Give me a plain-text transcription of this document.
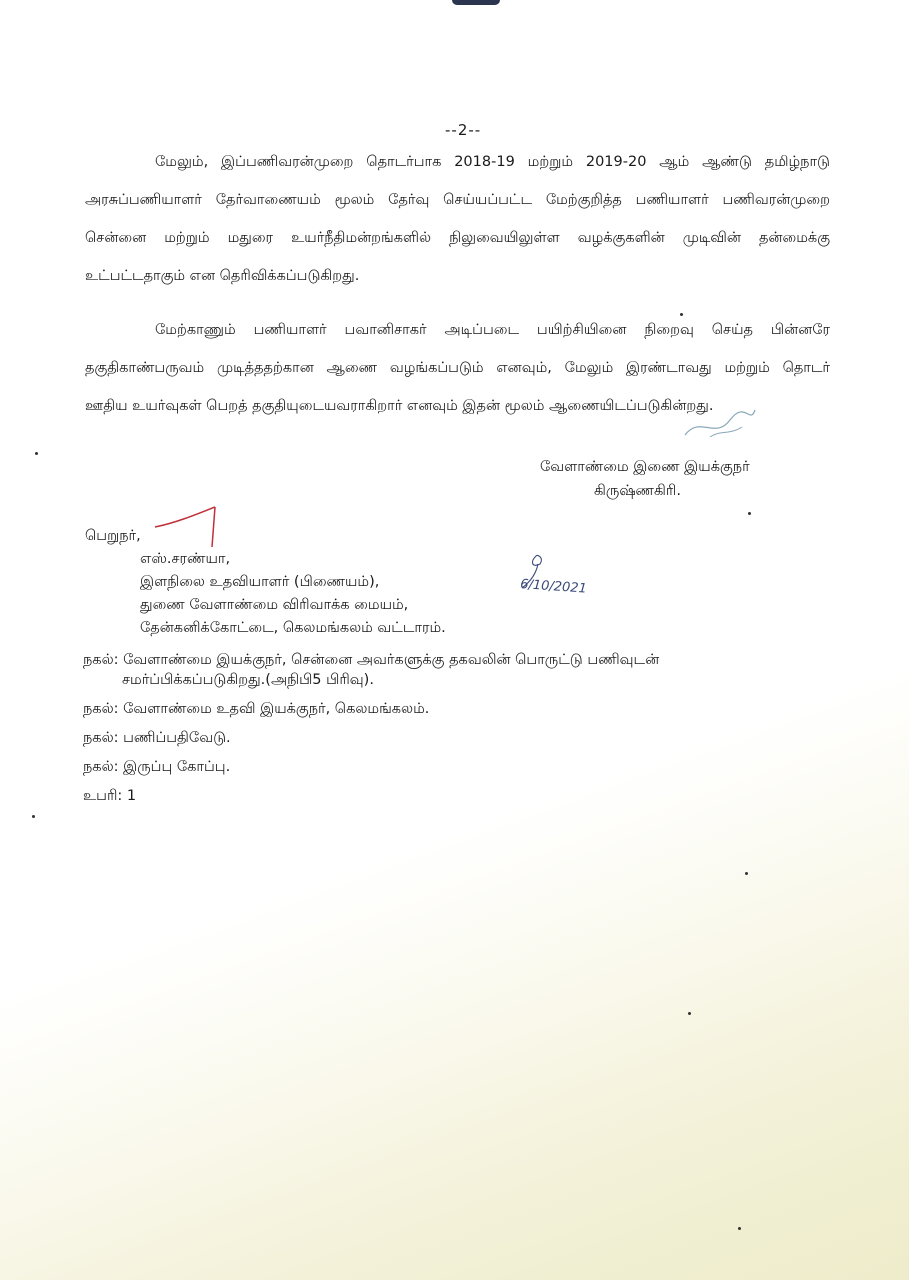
--2--
மேலும், இப்பணிவரன்முறை தொடர்பாக 2018-19 மற்றும் 2019-20 ஆம் ஆண்டு தமிழ்நாடு
அரசுப்பணியாளர் தேர்வாணையம் மூலம் தேர்வு செய்யப்பட்ட மேற்குறித்த பணியாளர் பணிவரன்முறை
சென்னை மற்றும் மதுரை உயர்நீதிமன்றங்களில் நிலுவையிலுள்ள வழக்குகளின் முடிவின் தன்மைக்கு
உட்பட்டதாகும் என தெரிவிக்கப்படுகிறது.
மேற்காணும் பணியாளர் பவானிசாகர் அடிப்படை பயிற்சியினை நிறைவு செய்த பின்னரே
தகுதிகாண்பருவம் முடித்ததற்கான ஆணை வழங்கப்படும் எனவும், மேலும் இரண்டாவது மற்றும் தொடர்
ஊதிய உயர்வுகள் பெறத் தகுதியுடையவராகிறார் எனவும் இதன் மூலம் ஆணையிடப்படுகின்றது.
வேளாண்மை இணை இயக்குநர்
கிருஷ்ணகிரி.
பெறுநர்,
எஸ்.சரண்யா,
இளநிலை உதவியாளர் (பிணையம்),
துணை வேளாண்மை விரிவாக்க மையம்,
தேன்கனிக்கோட்டை, கெலமங்கலம் வட்டாரம்.
6/10/2021
நகல்: வேளாண்மை இயக்குநர், சென்னை அவர்களுக்கு தகவலின் பொருட்டு பணிவுடன்
சமர்ப்பிக்கப்படுகிறது.(அநிபி5 பிரிவு).
நகல்: வேளாண்மை உதவி இயக்குநர், கெலமங்கலம்.
நகல்: பணிப்பதிவேடு.
நகல்: இருப்பு கோப்பு.
உபரி: 1
